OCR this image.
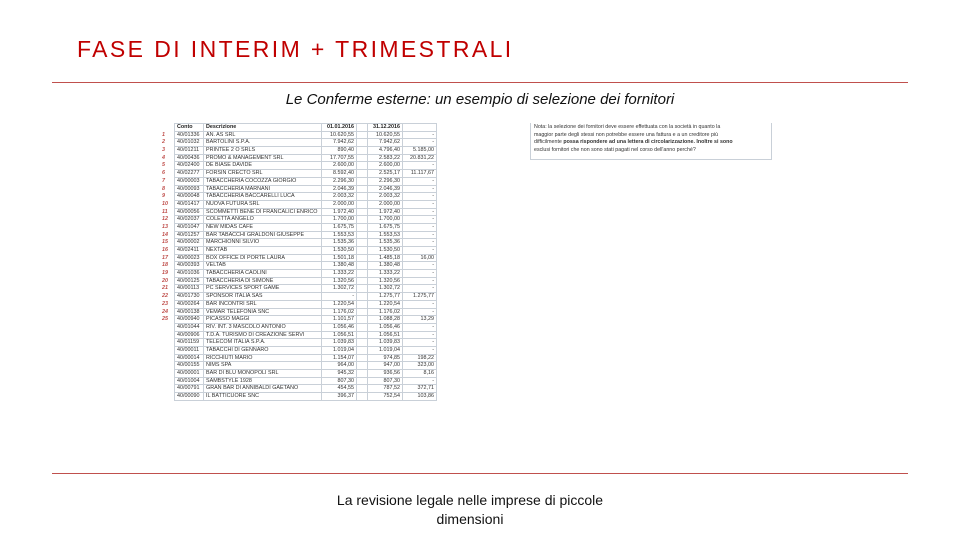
FASE DI INTERIM + TRIMESTRALI
Le Conferme esterne: un esempio di selezione dei fornitori
	Conto	Descrizione	01.01.2016		31.12.2016	
1	40/01336	AN. AS SRL	10.620,55		10.620,55	-
2	40/01032	BARTOLINI S.P.A.	7.942,62		7.942,62	-
3	40/01211	PRINTEE 2 O SRLS	890,40		4.796,40	5.185,00
4	40/00436	PROMO & MANAGEMENT SRL	17.707,55		2.583,22	20.831,22
5	40/02400	DE BIASE DAVIDE	2.600,00		2.600,00	-
6	40/02277	FORSIN CRECTO SRL	8.592,40		2.525,17	11.117,67
7	40/00003	TABACCHERIA COCOZZA GIORGIO	2.296,30		2.296,30	-
8	40/00093	TABACCHERIA MARNANI	2.046,39		2.046,39	-
9	40/00048	TABACCHERIA BACCARELLI LUCA	2.003,32		2.003,32	-
10	40/01417	NUOVA FUTURA SRL	2.000,00		2.000,00	-
11	40/00056	SCOMMETTI BENE DI FRANCALICI ENRICO	1.972,40		1.972,40	-
12	40/02037	COLETTA ANGELO	1.700,00		1.700,00	-
13	40/01047	NEW MIDAS CAFE	1.675,75		1.675,75	-
14	40/01257	BAR TABACCHI GRALDONI GIUSEPPE	1.553,53		1.553,53	-
15	40/00002	MARCHIONNI SILVIO	1.535,36		1.535,36	-
16	40/02411	NEXTAB	1.530,50		1.530,50	-
17	40/00023	BOX OFFICE DI PORTE LAURA	1.501,18		1.485,18	16,00
18	40/00393	VELTAB	1.380,48		1.380,48	-
19	40/01036	TABACCHERIA CAOLINI	1.333,22		1.333,22	-
20	40/00125	TABACCHERIA DI SIMONE	1.320,56		1.320,56	-
21	40/00113	PC SERVICES SPORT GAME	1.302,72		1.302,72	-
22	40/01730	SPONSOR ITALIA SAS	-		1.275,77	1.275,77
23	40/00264	BAR INCONTRI SRL	1.220,54		1.220,54	-
24	40/00138	VEMAR TELEFONIA SNC	1.176,02		1.176,02	-
25	40/00940	PICASSO MAGGI	1.101,57		1.088,28	13,29
	40/01044	RIV. INT. 3 MASCOLO ANTONIO	1.056,46		1.056,46	-
	40/00906	T.D.A. TURISMO DI CREAZIONE SERVI	1.056,51		1.056,51	-
	40/01159	TELECOM ITALIA S.P.A.	1.039,83		1.039,83	-
	40/00011	TABACCHI DI GENNARO	1.019,04		1.019,04	-
	40/00014	RICCHIUTI MARIO	1.154,07		974,85	198,22
	40/00155	NIMS SPA	964,00		947,00	323,00
	40/00001	BAR DI BLU MONOPOLI SRL	945,32		936,56	8,16
	40/01004	SAMBSTYLE 1928	807,30		807,30	-
	40/00791	GRAN BAR DI ANNIBALDI GAETANO	454,55		787,52	372,71
	40/00090	IL BATTICUORE SNC	396,37		752,54	103,86
Nota: la selezione dei fornitori deve essere effettuata con la società in quanto la
maggior parte degli stessi non potrebbe essere una fattura e a un creditore più
difficilmente possa rispondere ad una lettera di circolarizzazione. Inoltre si sono
esclusi fornitori che non sono stati pagati nel corso dell'anno perché?
La revisione legale nelle imprese di piccole
dimensioni
